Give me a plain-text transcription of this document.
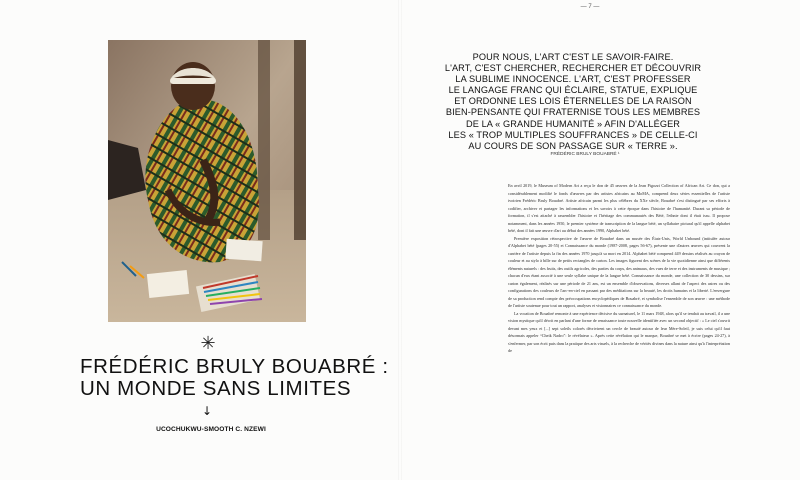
✳
FRÉDÉRIC BRULY BOUABRÉ :
UN MONDE SANS LIMITES
↓
UCOCHUKWU-SMOOTH C. NZEWI
— 7 —
POUR NOUS, L'ART C'EST LE SAVOIR-FAIRE.
L'ART, C'EST CHERCHER, RECHERCHER ET DÉCOUVRIR
LA SUBLIME INNOCENCE. L'ART, C'EST PROFESSER
LE LANGAGE FRANC QUI ÉCLAIRE, STATUE, EXPLIQUE
ET ORDONNE LES LOIS ÉTERNELLES DE LA RAISON
BIEN-PENSANTE QUI FRATERNISE TOUS LES MEMBRES
DE LA « GRANDE HUMANITÉ » AFIN D'ALLÉGER
LES « TROP MULTIPLES SOUFFRANCES » DE CELLE-CI
AU COURS DE SON PASSAGE SUR « TERRE ».
FRÉDÉRIC BRULY BOUABRÉ ¹

En avril 2019, le Museum of Modern Art a reçu le don de 45 œuvres de la Jean Pigozzi Collection of African Art. Ce don, qui a considérablement modifié le fonds d'œuvres par des artistes africains au MoMA, comprend deux séries essentielles de l'artiste ivoirien Frédéric Bruly Bouabré. Artiste africain parmi les plus célèbres du XXe siècle, Bouabré s'est distingué par ses efforts à codifier, archiver et partager les informations et les savoirs à cette époque dans l'histoire de l'humanité. Durant sa période de formation, il s'est attaché à rassembler l'histoire et l'héritage des communautés des Bété, l'ethnie dont il était issu. Il propose notamment, dans les années 1950, le premier système de transcription de la langue bété, un syllabaire pictural qu'il appelle alphabet bété, dont il fait une œuvre d'art au début des années 1990, Alphabet bété.

Première exposition rétrospective de l'œuvre de Bouabré dans un musée des États-Unis, World Unbound (intitulée autour d'Alphabet bété (pages 20-55) et Connaissance du monde (1987-2008, pages 56-67), présente une d'autres œuvres qui couvrent la carrière de l'artiste depuis la fin des années 1970 jusqu'à sa mort en 2014. Alphabet bété comprend 449 dessins réalisés au crayon de couleur et au stylo à bille sur de petits rectangles de carton. Les images figurent des scènes de la vie quotidienne ainsi que différents éléments naturels : des fruits, des outils agricoles, des parties du corps, des animaux, des vues de terre et des instruments de musique ; chacun d'eux étant associé à une seule syllabe unique de la langue bété. Connaissance du monde, une collection de 30 dessins, sur carton également, réalisés sur une période de 21 ans, est un ensemble d'observations, diverses allant de l'aspect des astres ou des configurations des couleurs de l'arc-en-ciel en passant par des méditations sur la beauté, les droits humains et la liberté. L'envergure de sa production rend compte des préoccupations encyclopédiques de Bouabré, et symbolise l'ensemble de son œuvre : une méthode de l'artiste soutenue pour tout un rapport, analyses et visionnaires ce connaissance du monde.

La vocation de Bouabré remonte à une expérience décisive du surnaturel, le 11 mars 1948, alors qu'il se tendait au travail, il a une vision mystique qu'il décrit en parlant d'une forme de renaissance toute nouvelle identifiée avec un second objectif : « Le ciel s'ouvrit devant mes yeux et [...] sept soleils colorés décrivirent un cercle de beauté autour de leur Mère-Soleil, je suis celui qu'il faut désormais appeler “Cheik Nadro”: le révélateur ». Après cette révélation qui le marque, Bouabré se met à écrire (pages 24-27), à s'enfermer, par son écrit puis dans la pratique des arts visuels, à la recherche de vérités divines dans la nature ainsi qu'à l'interprétation de
